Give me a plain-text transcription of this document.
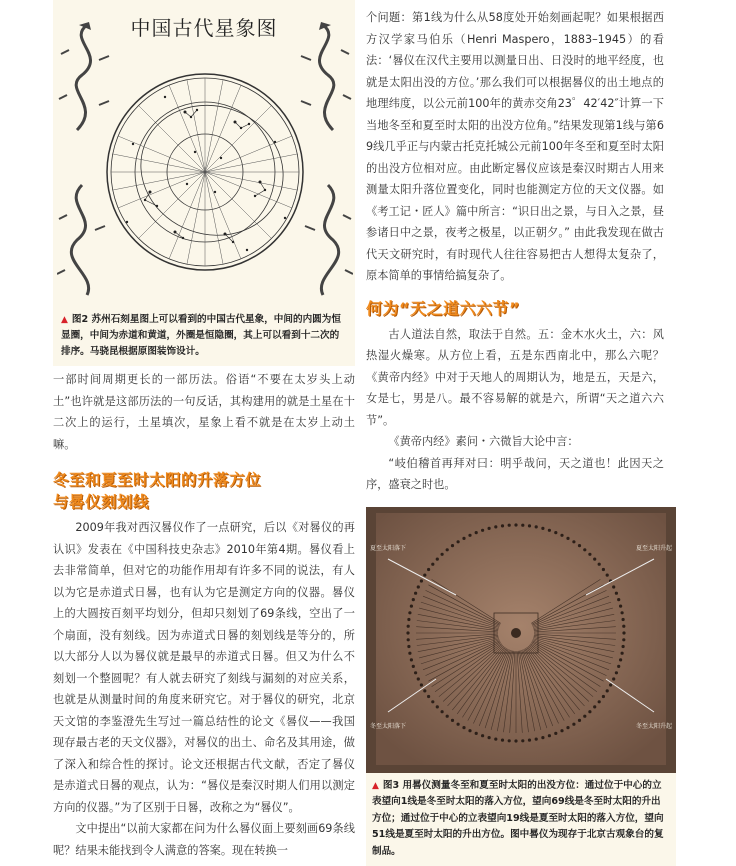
中国古代星象图
▲ 图2 苏州石刻星图上可以看到的中国古代星象，中间的内圆为恒显圈，中间为赤道和黄道，外圈是恒隐圈，其上可以看到十二次的排序。马骁昆根据原图装饰设计。

一部时间周期更长的一部历法。俗语“不要在太岁头上动土”也许就是这部历法的一句反话，其构建用的就是土星在十二次上的运行，土星填次，星象上看不就是在太岁上动土嘛。

冬至和夏至时太阳的升落方位
与晷仪刻划线

2009年我对西汉晷仪作了一点研究，后以《对晷仪的再认识》发表在《中国科技史杂志》2010年第4期。晷仪看上去非常简单，但对它的功能作用却有许多不同的说法，有人以为它是赤道式日晷，也有认为它是测定方向的仪器。晷仪上的大圆按百刻平均划分，但却只刻划了69条线，空出了一个扇面，没有刻线。因为赤道式日晷的刻划线是等分的，所以大部分人以为晷仪就是最早的赤道式日晷。但又为什么不刻划一个整圆呢？有人就去研究了刻线与漏刻的对应关系，也就是从测量时间的角度来研究它。对于晷仪的研究，北京天文馆的李鉴澄先生写过一篇总结性的论文《晷仪——我国现存最古老的天文仪器》，对晷仪的出土、命名及其用途，做了深入和综合性的探讨。论文还根据古代文献，否定了晷仪是赤道式日晷的观点，认为：“晷仪是秦汉时期人们用以测定方向的仪器。”为了区别于日晷，改称之为“晷仪”。

文中提出“以前大家都在问为什么晷仪面上要刻画69条线呢？结果未能找到令人满意的答案。现在转换一

个问题：第1线为什么从58度处开始刻画起呢？如果根据西方汉学家马伯乐（Henri Maspero，1883–1945）的看法：‘晷仪在汉代主要用以测量日出、日没时的地平经度，也就是太阳出没的方位。’那么我们可以根据晷仪的出土地点的地理纬度，以公元前100年的黄赤交角23゜42′42″计算一下当地冬至和夏至时太阳的出没方位角。”结果发现第1线与第69线几乎正与内蒙古托克托城公元前100年冬至和夏至时太阳的出没方位相对应。由此断定晷仪应该是秦汉时期古人用来测量太阳升落位置变化，同时也能测定方位的天文仪器。如《考工记・匠人》篇中所言：“识日出之景，与日入之景，昼参诸日中之景，夜考之极星，以正朝夕。” 由此我发现在做古代天文研究时，有时现代人往往容易把古人想得太复杂了，原本简单的事情给搞复杂了。

何为“天之道六六节”

古人道法自然，取法于自然。五：金木水火土，六：风热湿火燥寒。从方位上看，五是东西南北中，那么六呢？《黄帝内经》中对于天地人的周期认为，地是五，天是六，女是七，男是八。最不容易解的就是六，所谓“天之道六六节”。

《黄帝内经》素问・六微旨大论中言：

“岐伯稽首再拜对曰：明乎哉问，天之道也！此因天之序，盛衰之时也。

夏至太阳落下	夏至太阳升起
冬至太阳落下	冬至太阳升起
▲ 图3 用晷仪测量冬至和夏至时太阳的出没方位：通过位于中心的立表望向1线是冬至时太阳的落入方位，望向69线是冬至时太阳的升出方位；通过位于中心的立表望向19线是夏至时太阳的落入方位，望向51线是夏至时太阳的升出方位。图中晷仪为现存于北京古观象台的复制品。
